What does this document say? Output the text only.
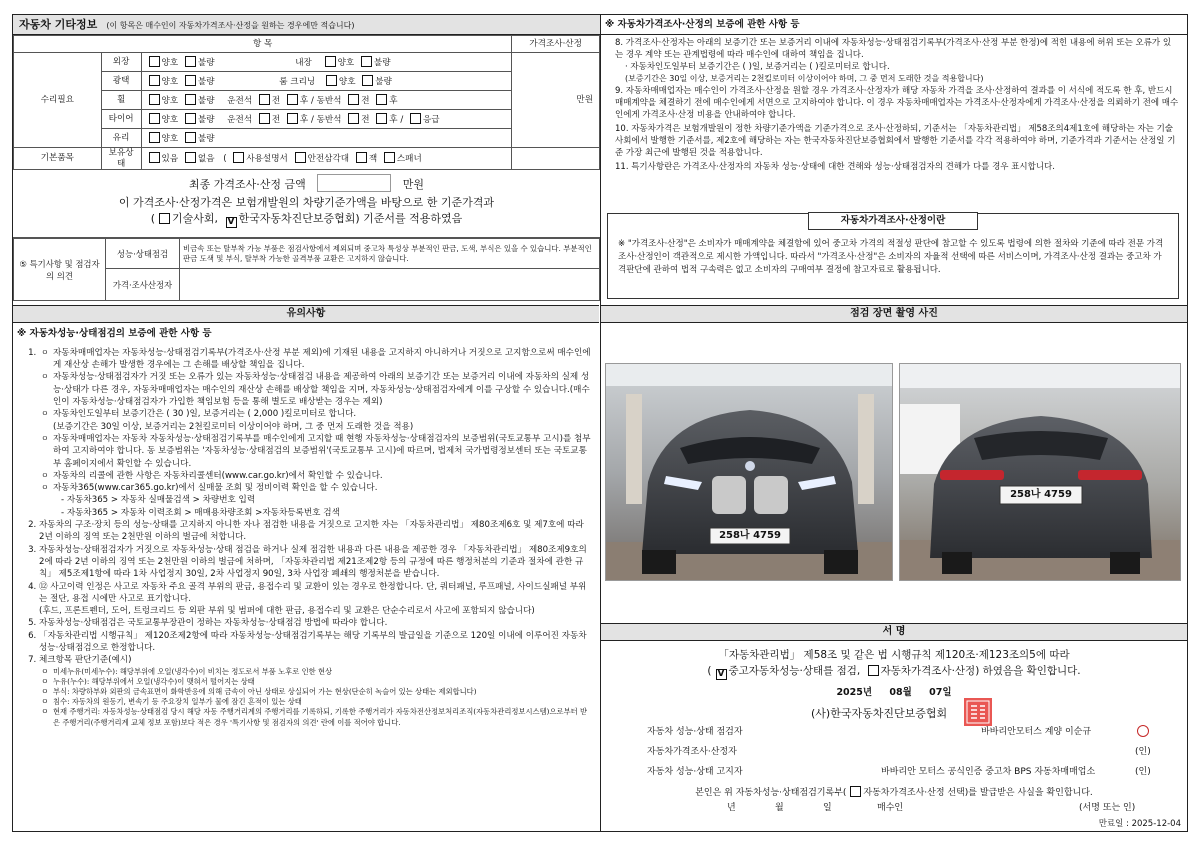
자동차 기타정보 (이 항목은 매수인이 자동차가격조사·산정을 원하는 경우에만 적습니다)
항 목			가격조사·산정
수리필요	외장	양호 불량 내장 양호 불량	만원
	광택	양호 불량 룸 크리닝 양호 불량	
	휠	양호 불량 운전석 전 후 / 동반석 전 후	
	타이어	양호 불량 운전석 전 후 / 동반석 전 후 / 응급	
	유리	양호 불량	
기본품목	보유상태	있음 없음 ( 사용설명서 안전삼각대 잭 스패너	
최종 가격조사·산정 금액	만원
이 가격조사·산정가격은 보험개발원의 차량기준가액을 바탕으로 한 기준가격과
( 기술사회, V 한국자동차진단보증협회) 기준서를 적용하였음
⑤ 특기사항 및 점검자의 의견	성능·상태점검	비금속 또는 탈부착 가능 부품은 점검사항에서 제외되며 중고차 특성상 부분적인 판금, 도색, 부식은 있을 수 있습니다. 부분적인 판금 도색 및 부식, 탈부착 가능한 골격부품 교환은 고지하지 않습니다.
	가격·조사산정자	
유의사항
※ 자동차성능·상태점검의 보증에 관한 사항 등
ㅇ 1. 자동차매매업자는 자동차성능·상태점검기록부(가격조사·산정 부분 제외)에 기재된 내용을 고지하지 아니하거나 거짓으로 고지함으로써 매수인에게 재산상 손해가 발생한 경우에는 그 손해를 배상할 책임을 집니다.
ㅇ 자동차성능·상태점검자가 거짓 또는 오류가 있는 자동차성능·상태점검 내용을 제공하여 아래의 보증기간 또는 보증거리 이내에 자동차의 실제 성능·상태가 다른 경우, 자동차매매업자는 매수인의 재산상 손해를 배상할 책임을 지며, 자동차성능·상태점검자에게 이를 구상할 수 있습니다.(매수인이 자동차성능·상태점검자가 가입한 책임보험 등을 통해 별도로 배상받는 경우는 제외)
ㅇ 자동차인도일부터 보증기간은 ( 30 )일, 보증거리는 ( 2,000 )킬로미터로 합니다.
(보증기간은 30일 이상, 보증거리는 2천킬로미터 이상이어야 하며, 그 중 먼저 도래한 것을 적용)
ㅇ 자동차매매업자는 자동차 자동차성능·상태점검기록부를 매수인에게 고지할 때 현행 자동차성능·상태점검자의 보증범위(국토교통부 고시)를 첨부하여 고지하여야 합니다. 동 보증범위는 '자동차성능·상태점검의 보증범위'(국토교통부 고시)에 따르며, 법제처 국가법령정보센터 또는 국토교통부 홈페이지에서 확인할 수 있습니다.
ㅇ 자동차의 리콜에 관한 사항은 자동차리콜센터(www.car.go.kr)에서 확인할 수 있습니다.
ㅇ 자동차365(www.car365.go.kr)에서 실매물 조회 및 정비이력 확인을 할 수 있습니다.
- 자동차365 > 자동차 실매물검색 > 차량번호 입력
- 자동차365 > 자동차 이력조회 > 매매용차량조회 >자동차등록번호 검색
2. 자동차의 구조·장치 등의 성능·상태를 고지하지 아니한 자나 점검한 내용을 거짓으로 고지한 자는 「자동차관리법」 제80조제6호 및 제7호에 따라 2년 이하의 징역 또는 2천만원 이하의 벌금에 처합니다.
3. 자동차성능·상태점검자가 거짓으로 자동차성능·상태 점검을 하거나 실제 점검한 내용과 다른 내용을 제공한 경우 「자동차관리법」 제80조제9호의2에 따라 2년 이하의 징역 또는 2천만원 이하의 벌금에 처하며, 「자동차관리법 제21조제2항 등의 규정에 따른 행정처분의 기준과 절차에 관한 규칙」 제5조제1항에 따라 1차 사업정지 30일, 2차 사업정지 90일, 3차 사업장 폐쇄의 행정처분을 받습니다.
4. ⑫ 사고이력 인정은 사고로 자동차 주요 골격 부위의 판금, 용접수리 및 교환이 있는 경우로 한정합니다. 단, 쿼터패널, 루프패널, 사이드실패널 부위는 절단, 용접 시에만 사고로 표기합니다.
(후드, 프론트펜더, 도어, 트렁크리드 등 외판 부위 및 범퍼에 대한 판금, 용접수리 및 교환은 단순수리로서 사고에 포함되지 않습니다)
5. 자동차성능·상태점검은 국토교통부장관이 정하는 자동차성능·상태점검 방법에 따라야 합니다.
6. 「자동차관리법 시행규칙」 제120조제2항에 따라 자동차성능·상태점검기록부는 해당 기록부의 발급일을 기준으로 120일 이내에 이루어진 자동차 성능·상태점검으로 한정합니다.
7. 체크항목 판단기준(예시)
ㅇ 미세누유(미세누수): 해당부위에 오일(냉각수)이 비치는 정도로서 부품 노후로 인한 현상
ㅇ 누유(누수): 해당부위에서 오일(냉각수)이 맺혀서 떨어지는 상태
ㅇ 부식: 차량하부와 외판의 금속표면이 화학반응에 의해 금속이 아닌 상태로 상실되어 가는 현상(단순히 녹슬어 있는 상태는 제외합니다)
ㅇ 침수: 자동차의 원동기, 변속기 등 주요장치 일부가 물에 잠긴 흔적이 있는 상태
ㅇ 현재 주행거리: 자동차성능·상태점검 당시 해당 자동 주행거리계의 주행거리를 기록하되, 기록한 주행거리가 자동차전산정보처리조직(자동차관리정보시스템)으로부터 받은 주행거리(주행거리계 교체 정보 포함)보다 적은 경우 '특기사항 및 점검자의 의견' 란에 이를 적어야 합니다.
※ 자동차가격조사·산정의 보증에 관한 사항 등
8. 가격조사·산정자는 아래의 보증기간 또는 보증거리 이내에 자동차성능·상태점검기록부(가격조사·산정 부분 한정)에 적힌 내용에 허위 또는 오류가 있는 경우 계약 또는 관계법령에 따라 매수인에 대하여 책임을 집니다.
· 자동차인도일부터 보증기간은 ( )일, 보증거리는 ( )킬로미터로 합니다.
(보증기간은 30일 이상, 보증거리는 2천킬로미터 이상이어야 하며, 그 중 먼저 도래한 것을 적용합니다)
9. 자동차매매업자는 매수인이 가격조사·산정을 원할 경우 가격조사·산정자가 해당 자동차 가격을 조사·산정하여 결과를 이 서식에 적도록 한 후, 반드시 매매계약을 체결하기 전에 매수인에게 서면으로 고지하여야 합니다. 이 경우 자동차매매업자는 가격조사·산정자에게 가격조사·산정을 의뢰하기 전에 매수인에게 가격조사·산정 비용을 안내하여야 합니다.
10. 자동차가격은 보험개발원이 정한 차량기준가액을 기준가격으로 조사·산정하되, 기준서는 「자동차관리법」 제58조의4제1호에 해당하는 자는 기술사회에서 발행한 기준서를, 제2호에 해당하는 자는 한국자동차진단보증협회에서 발행한 기준서를 각각 적용하여야 하며, 기준가격과 기준서는 산정일 기준 가장 최근에 발행된 것을 적용합니다.
11. 특기사항란은 가격조사·산정자의 자동차 성능·상태에 대한 견해와 성능·상태점검자의 견해가 다를 경우 표시합니다.
자동차가격조사·산정이란
※ "가격조사·산정"은 소비자가 매매계약을 체결함에 있어 중고차 가격의 적절성 판단에 참고할 수 있도록 법령에 의한 절차와 기준에 따라 전문 가격조사·산정인이 객관적으로 제시한 가액입니다. 따라서 "가격조사·산정"은 소비자의 자율적 선택에 따른 서비스이며, 가격조사·산정 결과는 중고차 가격판단에 관하여 법적 구속력은 없고 소비자의 구매여부 결정에 참고자료로 활용됩니다.
점검 장면 촬영 사진
258나 4759
258나 4759
서 명
「자동차관리법」 제58조 및 같은 법 시행규칙 제120조·제123조의5에 따라
( V 중고자동차성능·상태를 점검, 자동차가격조사·산정) 하였음을 확인합니다.
2025년 08월 07일
(사)한국자동차진단보증협회
자동차 성능·상태 점검자	바바리안모터스 계양 이순규
자동차가격조사·산정자	(인)
자동차 성능·상태 고지자	바바리안 모터스 공식인증 중고차 BPS 자동차매매업소	(인)
본인은 위 자동차성능·상태점검기록부( 자동차가격조사·산정 선택)를 발급받은 사실을 확인합니다.
년	월	일	매수인	(서명 또는 인)
만료일 : 2025-12-04
